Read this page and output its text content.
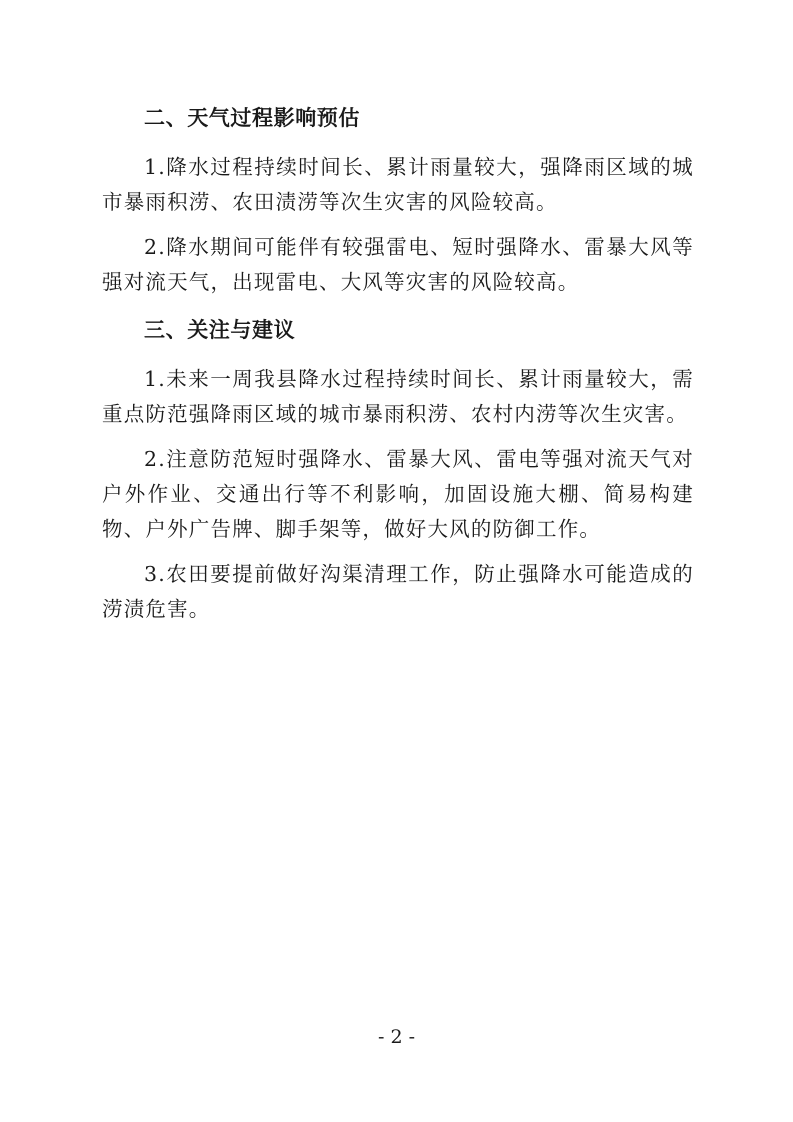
二、天气过程影响预估

1.降水过程持续时间长、累计雨量较大，强降雨区域的城市暴雨积涝、农田渍涝等次生灾害的风险较高。

2.降水期间可能伴有较强雷电、短时强降水、雷暴大风等强对流天气，出现雷电、大风等灾害的风险较高。

三、关注与建议

1.未来一周我县降水过程持续时间长、累计雨量较大，需重点防范强降雨区域的城市暴雨积涝、农村内涝等次生灾害。

2.注意防范短时强降水、雷暴大风、雷电等强对流天气对户外作业、交通出行等不利影响，加固设施大棚、简易构建物、户外广告牌、脚手架等，做好大风的防御工作。

3.农田要提前做好沟渠清理工作，防止强降水可能造成的涝渍危害。

- 2 -
